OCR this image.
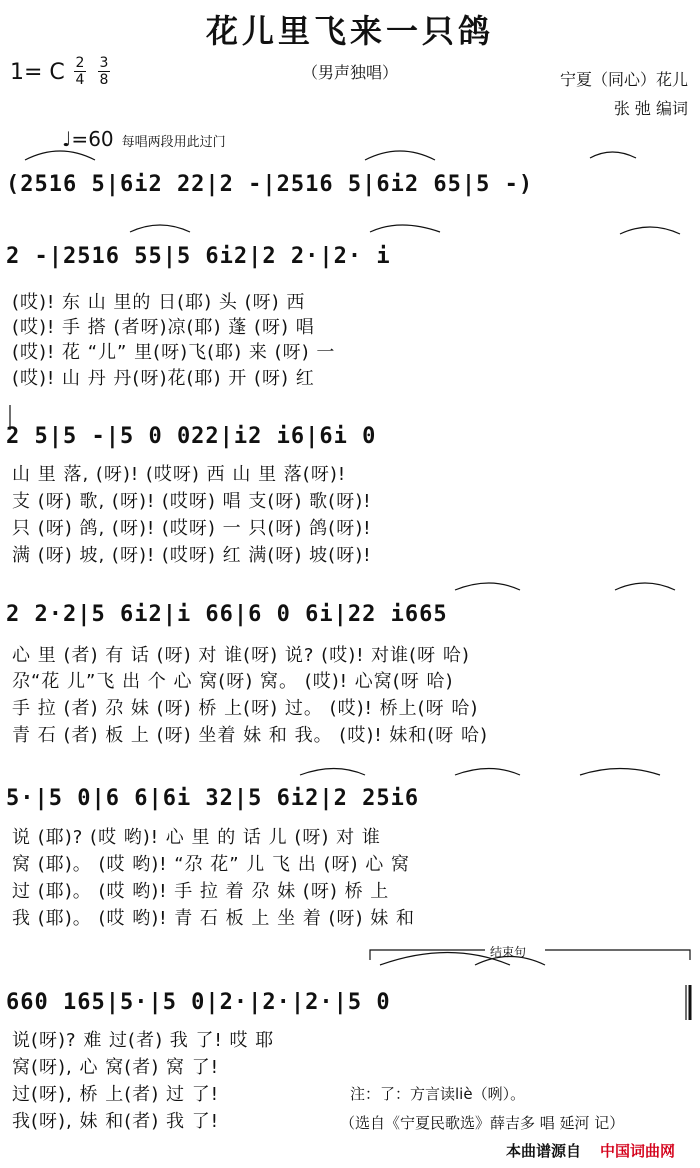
花儿里飞来一只鸽
（男声独唱）
1= C 2
4
3
8	宁夏（同心）花儿
张 弛 编词
♩=60 每唱两段用此过门
(2516 5|6i2 22|2 -|2516 5|6i2 65|5 -)
2 -|2516 55|5 6i2|2 2·|2· i
(哎)! 东 山 里的 日(耶) 头 (呀) 西
(哎)! 手 搭 (者呀)凉(耶) 蓬 (呀) 唱
(哎)! 花 “儿” 里(呀)飞(耶) 来 (呀) 一
(哎)! 山 丹 丹(呀)花(耶) 开 (呀) 红
2 5|5 -|5 0 022|i2 i6|6i 0
山 里 落, (呀)! (哎呀) 西 山 里 落(呀)!
支 (呀) 歌, (呀)! (哎呀) 唱 支(呀) 歌(呀)!
只 (呀) 鸽, (呀)! (哎呀) 一 只(呀) 鸽(呀)!
满 (呀) 坡, (呀)! (哎呀) 红 满(呀) 坡(呀)!
2 2·2|5 6i2|i 66|6 0 6i|22 i665
心 里 (者) 有 话 (呀) 对 谁(呀) 说? (哎)! 对谁(呀 哈)
尕“花 儿”飞 出 个 心 窝(呀) 窝。 (哎)! 心窝(呀 哈)
手 拉 (者) 尕 妹 (呀) 桥 上(呀) 过。 (哎)! 桥上(呀 哈)
青 石 (者) 板 上 (呀) 坐着 妹 和 我。 (哎)! 妹和(呀 哈)
5·|5 0|6 6|6i 32|5 6i2|2 25i6
说 (耶)? (哎 哟)! 心 里 的 话 儿 (呀) 对 谁
窝 (耶)。 (哎 哟)! “尕 花” 儿 飞 出 (呀) 心 窝
过 (耶)。 (哎 哟)! 手 拉 着 尕 妹 (呀) 桥 上
我 (耶)。 (哎 哟)! 青 石 板 上 坐 着 (呀) 妹 和
结束句
660 165|5·|5 0|2·|2·|2·|5 0
说(呀)? 难 过(者) 我 了! 哎 耶
窝(呀), 心 窝(者) 窝 了!
过(呀), 桥 上(者) 过 了!
我(呀), 妹 和(者) 我 了!
注：了：方言读liè（咧）。
（选自《宁夏民歌选》薛吉多 唱 延河 记）
本曲谱源自 中国词曲网
